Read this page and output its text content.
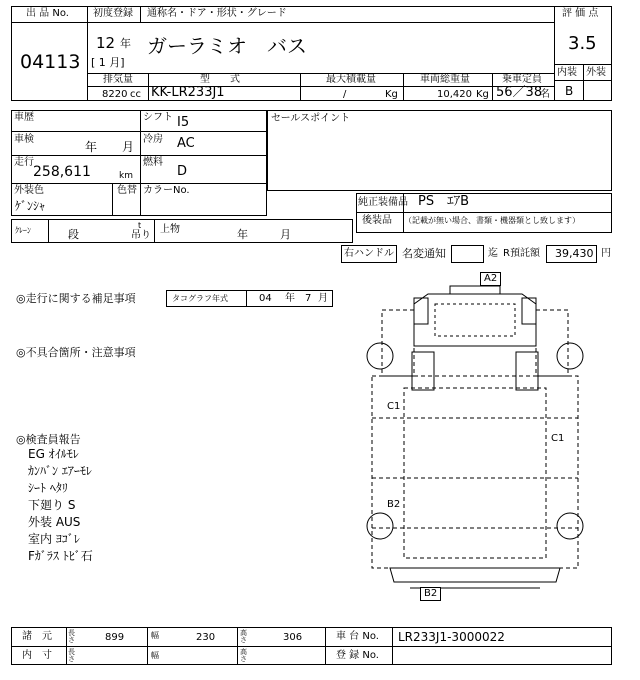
出 品 No.
04113
初度登録 通称名・ドア・形状・グレード
12 年
[ 1 月]
ガーラミオ　バス
評 価 点
3.5
内装 外装
B
排気量	型　　式	最大積載量	車両総重量	乗車定員
8220 cc KK-LR233J1	/	Kg	10,420 Kg 56／38
名
車歴	シフト I5
車検
年 月
冷房 AC
走行
258,611	km
燃料
D
外装色
ｹﾞﾝｼｬ
色替 カラーNo.
セールスポイント
純正装備品 PS　ｴｱB
後装品 （記載が無い場合、書類・機器類とし致します）
ｸﾚｰﾝ	段
t
吊り
上物	年	月
右ハンドル 名変通知	迄 R預託額 39,430 円
◎走行に関する補足事項	タコグラフ年式	04 年 7 月
◎不具合箇所・注意事項
◎検査員報告
EG ｵｲﾙﾓﾚ
ｶﾝﾊﾞﾝ ｴｱｰﾓﾚ
ｼｰﾄ ﾍﾀﾘ
下廻り S
外装 AUS
室内 ﾖｺﾞﾚ
Fｶﾞﾗｽ ﾄﾋﾞ石
A2
C1
C1
B2
B2
諸　元 長さ	899	幅	230	高さ	306	車 台 No. LR233J1-3000022
内　寸 長さ	幅	高さ	登 録 No.
